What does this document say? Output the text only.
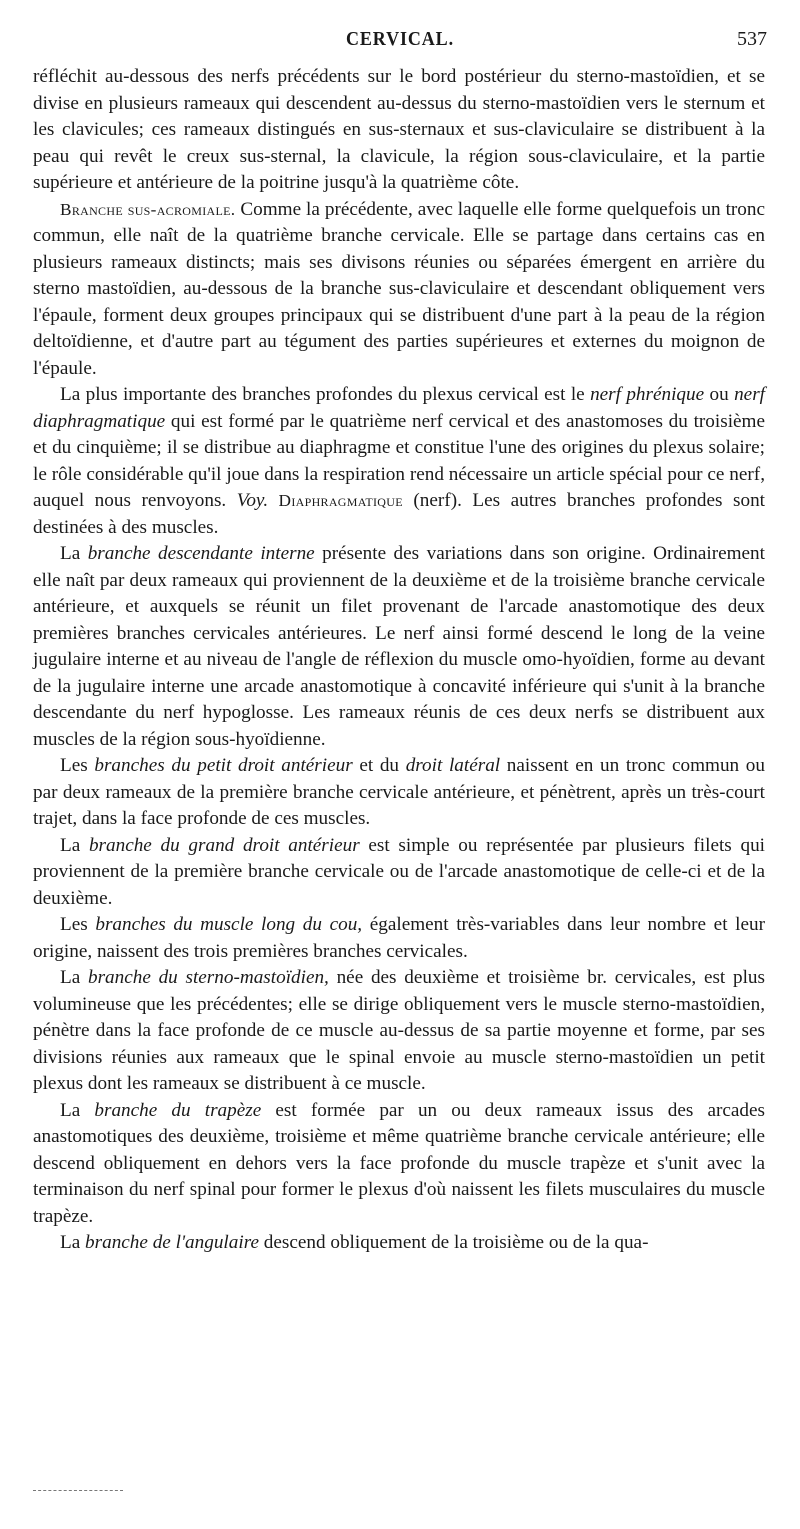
CERVICAL.	537

réfléchit au-dessous des nerfs précédents sur le bord postérieur du sterno-mastoïdien, et se divise en plusieurs rameaux qui descendent au-dessus du sterno-mastoïdien vers le sternum et les clavicules; ces rameaux distingués en sus-sternaux et sus-claviculaire se distribuent à la peau qui revêt le creux sus-sternal, la clavicule, la région sous-claviculaire, et la partie supérieure et antérieure de la poitrine jusqu'à la quatrième côte.

Branche sus-acromiale. Comme la précédente, avec laquelle elle forme quelquefois un tronc commun, elle naît de la quatrième branche cervicale. Elle se partage dans certains cas en plusieurs rameaux distincts; mais ses divisons réunies ou séparées émergent en arrière du sterno mastoïdien, au-dessous de la branche sus-claviculaire et descendant obliquement vers l'épaule, forment deux groupes principaux qui se distribuent d'une part à la peau de la région deltoïdienne, et d'autre part au tégument des parties supérieures et externes du moignon de l'épaule.

La plus importante des branches profondes du plexus cervical est le nerf phrénique ou nerf diaphragmatique qui est formé par le quatrième nerf cervical et des anastomoses du troisième et du cinquième; il se distribue au diaphragme et constitue l'une des origines du plexus solaire; le rôle considérable qu'il joue dans la respiration rend nécessaire un article spécial pour ce nerf, auquel nous renvoyons. Voy. Diaphragmatique (nerf). Les autres branches profondes sont destinées à des muscles.

La branche descendante interne présente des variations dans son origine. Ordinairement elle naît par deux rameaux qui proviennent de la deuxième et de la troisième branche cervicale antérieure, et auxquels se réunit un filet provenant de l'arcade anastomotique des deux premières branches cervicales antérieures. Le nerf ainsi formé descend le long de la veine jugulaire interne et au niveau de l'angle de réflexion du muscle omo-hyoïdien, forme au devant de la jugulaire interne une arcade anastomotique à concavité inférieure qui s'unit à la branche descendante du nerf hypoglosse. Les rameaux réunis de ces deux nerfs se distribuent aux muscles de la région sous-hyoïdienne.

Les branches du petit droit antérieur et du droit latéral naissent en un tronc commun ou par deux rameaux de la première branche cervicale antérieure, et pénètrent, après un très-court trajet, dans la face profonde de ces muscles.

La branche du grand droit antérieur est simple ou représentée par plusieurs filets qui proviennent de la première branche cervicale ou de l'arcade anastomotique de celle-ci et de la deuxième.

Les branches du muscle long du cou, également très-variables dans leur nombre et leur origine, naissent des trois premières branches cervicales.

La branche du sterno-mastoïdien, née des deuxième et troisième br. cervicales, est plus volumineuse que les précédentes; elle se dirige obliquement vers le muscle sterno-mastoïdien, pénètre dans la face profonde de ce muscle au-dessus de sa partie moyenne et forme, par ses divisions réunies aux rameaux que le spinal envoie au muscle sterno-mastoïdien un petit plexus dont les rameaux se distribuent à ce muscle.

La branche du trapèze est formée par un ou deux rameaux issus des arcades anastomotiques des deuxième, troisième et même quatrième branche cervicale antérieure; elle descend obliquement en dehors vers la face profonde du muscle trapèze et s'unit avec la terminaison du nerf spinal pour former le plexus d'où naissent les filets musculaires du muscle trapèze.

La branche de l'angulaire descend obliquement de la troisième ou de la qua-
